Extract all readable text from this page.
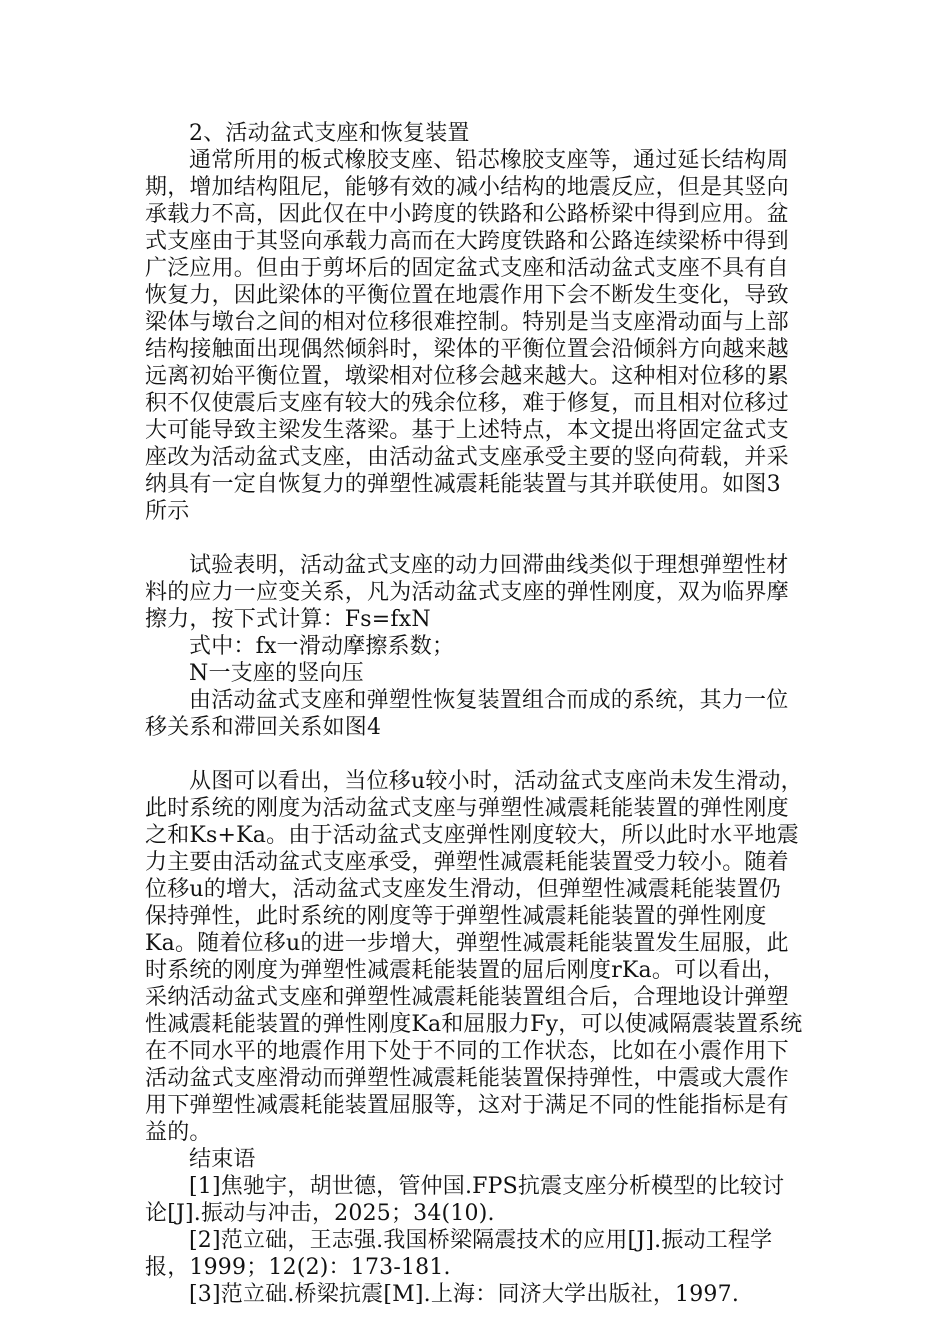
2、活动盆式支座和恢复装置
通常所用的板式橡胶支座、铅芯橡胶支座等，通过延长结构周
期，增加结构阻尼，能够有效的减小结构的地震反应，但是其竖向
承载力不高，因此仅在中小跨度的铁路和公路桥梁中得到应用。盆
式支座由于其竖向承载力高而在大跨度铁路和公路连续梁桥中得到
广泛应用。但由于剪坏后的固定盆式支座和活动盆式支座不具有自
恢复力，因此梁体的平衡位置在地震作用下会不断发生变化，导致
梁体与墩台之间的相对位移很难控制。特别是当支座滑动面与上部
结构接触面出现偶然倾斜时，梁体的平衡位置会沿倾斜方向越来越
远离初始平衡位置，墩梁相对位移会越来越大。这种相对位移的累
积不仅使震后支座有较大的残余位移，难于修复，而且相对位移过
大可能导致主梁发生落梁。基于上述特点，本文提出将固定盆式支
座改为活动盆式支座，由活动盆式支座承受主要的竖向荷载，并采
纳具有一定自恢复力的弹塑性减震耗能装置与其并联使用。如图3
所示
试验表明，活动盆式支座的动力回滞曲线类似于理想弹塑性材
料的应力一应变关系，凡为活动盆式支座的弹性刚度，双为临界摩
擦力，按下式计算：Fs=fxN
式中：fx一滑动摩擦系数；
N一支座的竖向压
由活动盆式支座和弹塑性恢复装置组合而成的系统，其力一位
移关系和滞回关系如图4
从图可以看出，当位移u较小时，活动盆式支座尚未发生滑动，
此时系统的刚度为活动盆式支座与弹塑性减震耗能装置的弹性刚度
之和Ks+Ka。由于活动盆式支座弹性刚度较大，所以此时水平地震
力主要由活动盆式支座承受，弹塑性减震耗能装置受力较小。随着
位移u的增大，活动盆式支座发生滑动，但弹塑性减震耗能装置仍
保持弹性，此时系统的刚度等于弹塑性减震耗能装置的弹性刚度
Ka。随着位移u的进一步增大，弹塑性减震耗能装置发生屈服，此
时系统的刚度为弹塑性减震耗能装置的屈后刚度rKa。可以看出，
采纳活动盆式支座和弹塑性减震耗能装置组合后，合理地设计弹塑
性减震耗能装置的弹性刚度Ka和屈服力Fy，可以使减隔震装置系统
在不同水平的地震作用下处于不同的工作状态，比如在小震作用下
活动盆式支座滑动而弹塑性减震耗能装置保持弹性，中震或大震作
用下弹塑性减震耗能装置屈服等，这对于满足不同的性能指标是有
益的。
结束语
[1]焦驰宇，胡世德，管仲国.FPS抗震支座分析模型的比较讨
论[J].振动与冲击，2025；34(10).
[2]范立础，王志强.我国桥梁隔震技术的应用[J].振动工程学
报，1999；12(2)：173-181.
[3]范立础.桥梁抗震[M].上海：同济大学出版社，1997.
